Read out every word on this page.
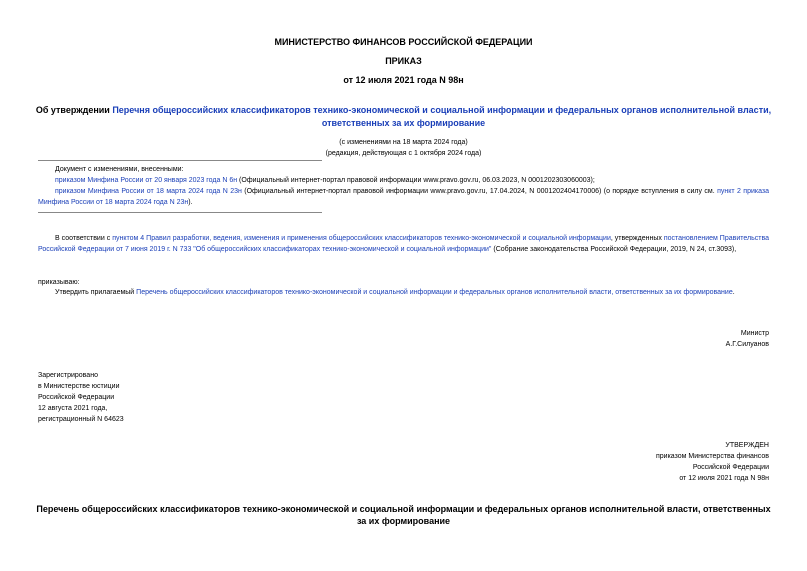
МИНИСТЕРСТВО ФИНАНСОВ РОССИЙСКОЙ ФЕДЕРАЦИИ
ПРИКАЗ
от 12 июля 2021 года N 98н
Об утверждении Перечня общероссийских классификаторов технико-экономической и социальной информации и федеральных органов исполнительной власти,
ответственных за их формирование
(с изменениями на 18 марта 2024 года)
(редакция, действующая с 1 октября 2024 года)
Документ с изменениями, внесенными:
приказом Минфина России от 20 января 2023 года N 6н (Официальный интернет-портал правовой информации www.pravo.gov.ru, 06.03.2023, N 0001202303060003);
приказом Минфина России от 18 марта 2024 года N 23н (Официальный интернет-портал правовой информации www.pravo.gov.ru, 17.04.2024, N 0001202404170006) (о порядке вступления в силу см. пункт 2 приказа Минфина России от 18 марта 2024 года N 23н).
В соответствии с пунктом 4 Правил разработки, ведения, изменения и применения общероссийских классификаторов технико-экономической и социальной информации, утвержденных постановлением Правительства Российской Федерации от 7 июня 2019 г. N 733 "Об общероссийских классификаторах технико-экономической и социальной информации" (Собрание законодательства Российской Федерации, 2019, N 24, ст.3093),
приказываю:
Утвердить прилагаемый Перечень общероссийских классификаторов технико-экономической и социальной информации и федеральных органов исполнительной власти, ответственных за их формирование.
Министр
А.Г.Силуанов
Зарегистрировано
в Министерстве юстиции
Российской Федерации
12 августа 2021 года,
регистрационный N 64623
УТВЕРЖДЕН
приказом Министерства финансов
Российской Федерации
от 12 июля 2021 года N 98н
Перечень общероссийских классификаторов технико-экономической и социальной информации и федеральных органов исполнительной власти, ответственных
за их формирование
